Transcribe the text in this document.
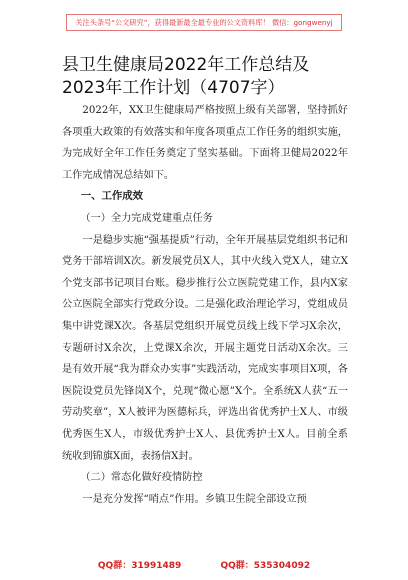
关注头条号“公文研究”，获得最新最全最专业的公文资料库！ 微信：gongwenyj
县卫生健康局2022年工作总结及2023年工作计划（4707字）

2022年，XX卫生健康局严格按照上级有关部署，坚持抓好各项重大政策的有效落实和年度各项重点工作任务的组织实施，为完成好全年工作任务奠定了坚实基础。下面将卫健局2022年工作完成情况总结如下。

一、工作成效

（一）全力完成党建重点任务

一是稳步实施“强基提质”行动，全年开展基层党组织书记和党务干部培训X次。新发展党员X人，其中火线入党X人，建立X个党支部书记项目台账。稳步推行公立医院党建工作，县内X家公立医院全部实行党政分设。二是强化政治理论学习，党组成员集中讲党课X次。各基层党组织开展党员线上线下学习X余次，专题研讨X余次，上党课X余次，开展主题党日活动X余次。三是有效开展“我为群众办实事”实践活动，完成实事项目X项，各医院设党员先锋岗X个，兑现“微心愿”X个。全系统X人获“五一劳动奖章”，X人被评为医德标兵，评选出省优秀护士X人、市级优秀医生X人，市级优秀护士X人、县优秀护士X人。目前全系统收到锦旗X面，表扬信X封。

（二）常态化做好疫情防控

一是充分发挥“哨点”作用。乡镇卫生院全部设立预

QQ群：31991489	QQ群：535304092
